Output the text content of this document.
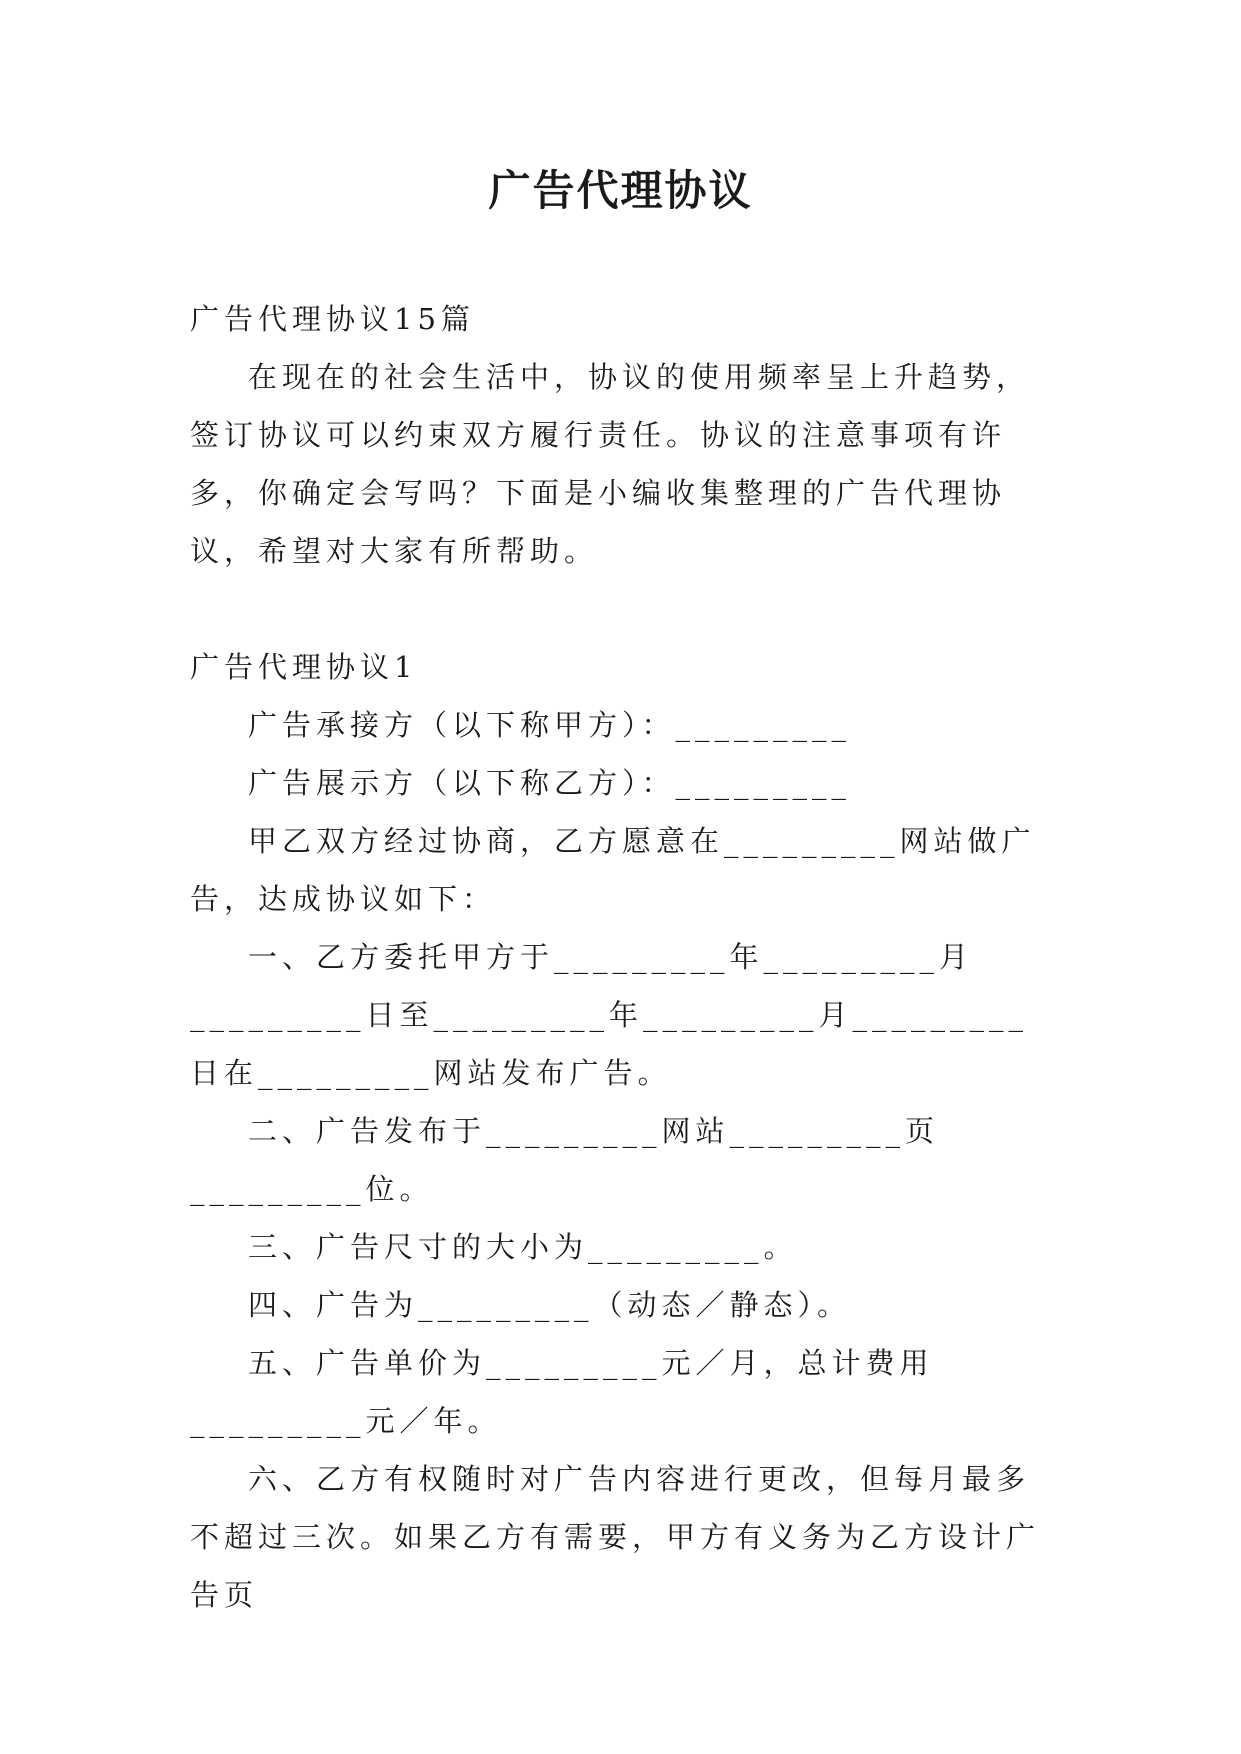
广告代理协议

广告代理协议15篇

在现在的社会生活中，协议的使用频率呈上升趋势，签订协议可以约束双方履行责任。协议的注意事项有许多，你确定会写吗？下面是小编收集整理的广告代理协议，希望对大家有所帮助。

广告代理协议1

广告承接方（以下称甲方）：_________

广告展示方（以下称乙方）：_________

甲乙双方经过协商，乙方愿意在_________网站做广告，达成协议如下：

一、乙方委托甲方于_________年_________月_________日至_________年_________月_________日在_________网站发布广告。

二、广告发布于_________网站_________页_________位。

三、广告尺寸的大小为_________。

四、广告为_________（动态／静态）。

五、广告单价为_________元／月，总计费用_________元／年。

六、乙方有权随时对广告内容进行更改，但每月最多不超过三次。如果乙方有需要，甲方有义务为乙方设计广告页
